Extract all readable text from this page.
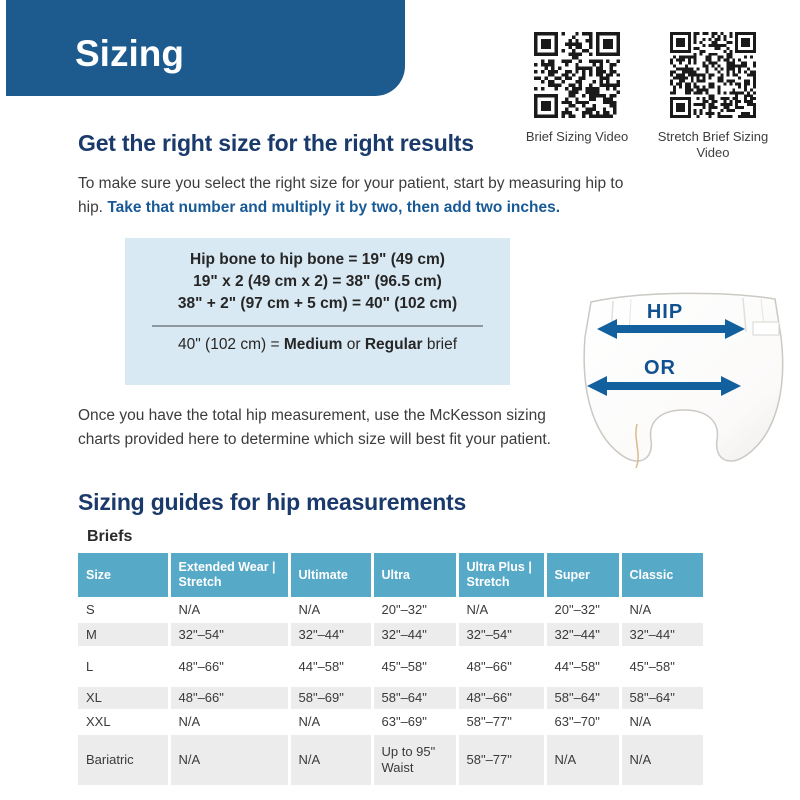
Sizing
Brief Sizing Video	Stretch Brief Sizing Video
Get the right size for the right results

To make sure you select the right size for your patient, start by measuring hip to hip. Take that number and multiply it by two, then add two inches.

Hip bone to hip bone = 19" (49 cm)
19" x 2 (49 cm x 2) = 38" (96.5 cm)
38" + 2" (97 cm + 5 cm) = 40" (102 cm)
40" (102 cm) = Medium or Regular brief
HIP
OR

Once you have the total hip measurement, use the McKesson sizing charts provided here to determine which size will best fit your patient.

Sizing guides for hip measurements
Briefs
Size	Extended Wear | Stretch	Ultimate	Ultra	Ultra Plus | Stretch	Super	Classic
S	N/A	N/A	20"–32"	N/A	20"–32"	N/A
M	32"–54"	32"–44"	32"–44"	32"–54"	32"–44"	32"–44"
L	48"–66"	44"–58"	45"–58"	48"–66"	44"–58"	45"–58"
XL	48"–66"	58"–69"	58"–64"	48"–66"	58"–64"	58"–64"
XXL	N/A	N/A	63"–69"	58"–77"	63"–70"	N/A
Bariatric	N/A	N/A	Up to 95" Waist	58"–77"	N/A	N/A
